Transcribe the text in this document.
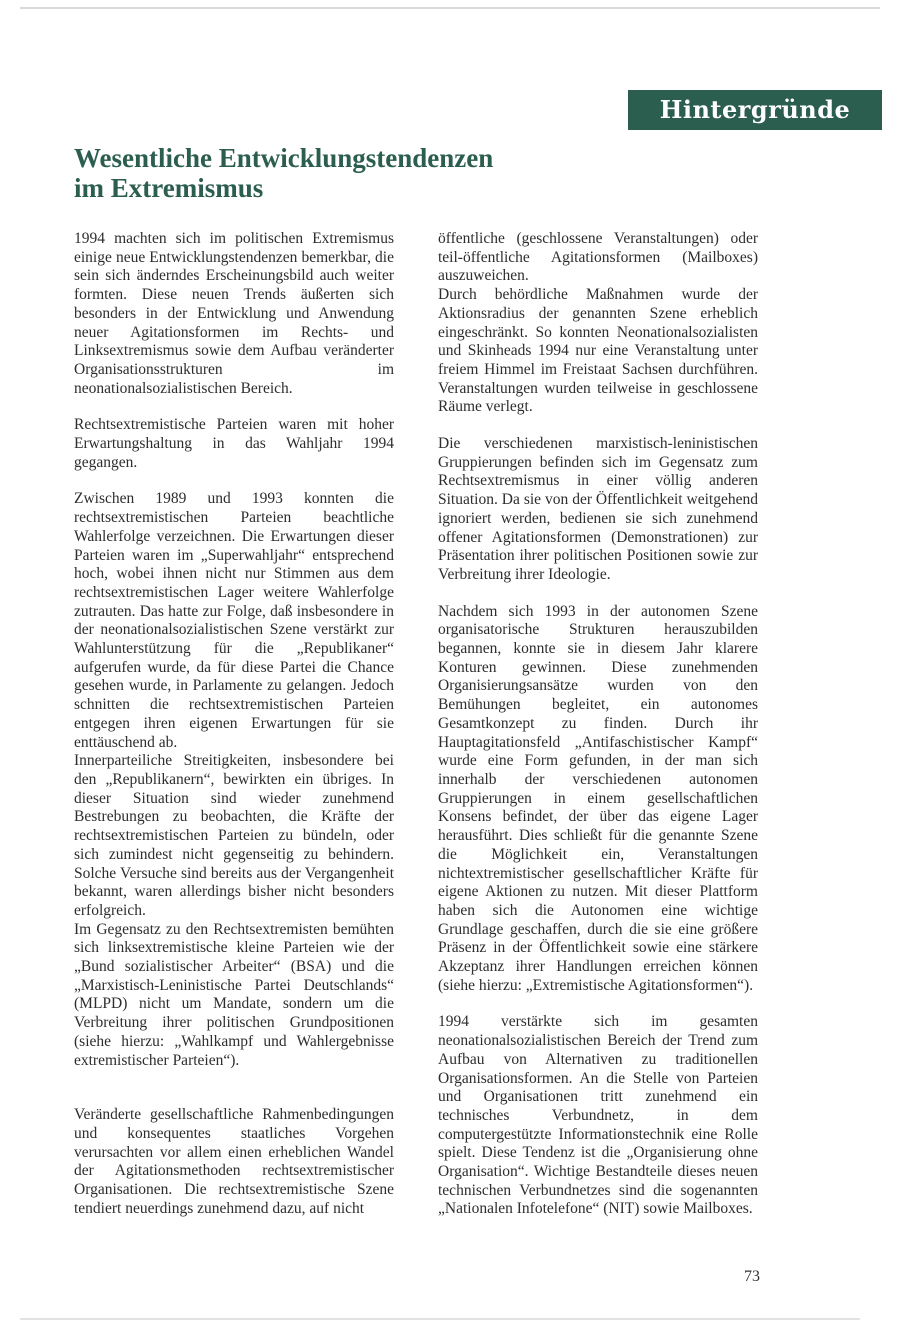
Hintergründe
Wesentliche Entwicklungstendenzen
im Extremismus

1994 machten sich im politischen Extremismus einige neue Entwicklungstendenzen bemerkbar, die sein sich änderndes Erscheinungsbild auch weiter formten. Diese neuen Trends äußerten sich besonders in der Entwicklung und Anwendung neuer Agitationsformen im Rechts- und Linksextremismus sowie dem Aufbau veränderter Organisationsstrukturen im neonationalsozialistischen Bereich.

Rechtsextremistische Parteien waren mit hoher Erwartungshaltung in das Wahljahr 1994 gegangen.

Zwischen 1989 und 1993 konnten die rechtsextremistischen Parteien beachtliche Wahlerfolge verzeichnen. Die Erwartungen dieser Parteien waren im „Superwahljahr“ entsprechend hoch, wobei ihnen nicht nur Stimmen aus dem rechtsextremistischen Lager weitere Wahlerfolge zutrauten. Das hatte zur Folge, daß insbesondere in der neonationalsozialistischen Szene verstärkt zur Wahlunterstützung für die „Republikaner“ aufgerufen wurde, da für diese Partei die Chance gesehen wurde, in Parlamente zu gelangen. Jedoch schnitten die rechtsextremistischen Parteien entgegen ihren eigenen Erwartungen für sie enttäuschend ab.

Innerparteiliche Streitigkeiten, insbesondere bei den „Republikanern“, bewirkten ein übriges. In dieser Situation sind wieder zunehmend Bestrebungen zu beobachten, die Kräfte der rechtsextremistischen Parteien zu bündeln, oder sich zumindest nicht gegenseitig zu behindern. Solche Versuche sind bereits aus der Vergangenheit bekannt, waren allerdings bisher nicht besonders erfolgreich.

Im Gegensatz zu den Rechtsextremisten bemühten sich linksextremistische kleine Parteien wie der „Bund sozialistischer Arbeiter“ (BSA) und die „Marxistisch-Leninistische Partei Deutschlands“ (MLPD) nicht um Mandate, sondern um die Verbreitung ihrer politischen Grundpositionen (siehe hierzu: „Wahlkampf und Wahlergebnisse extremistischer Parteien“).

Veränderte gesellschaftliche Rahmenbedingungen und konsequentes staatliches Vorgehen verursachten vor allem einen erheblichen Wandel der Agitationsmethoden rechtsextremistischer Organisationen. Die rechtsextremistische Szene tendiert neuerdings zunehmend dazu, auf nicht

öffentliche (geschlossene Veranstaltungen) oder teil-öffentliche Agitationsformen (Mailboxes) auszuweichen.

Durch behördliche Maßnahmen wurde der Aktionsradius der genannten Szene erheblich eingeschränkt. So konnten Neonationalsozialisten und Skinheads 1994 nur eine Veranstaltung unter freiem Himmel im Freistaat Sachsen durchführen. Veranstaltungen wurden teilweise in geschlossene Räume verlegt.

Die verschiedenen marxistisch-leninistischen Gruppierungen befinden sich im Gegensatz zum Rechtsextremismus in einer völlig anderen Situation. Da sie von der Öffentlichkeit weitgehend ignoriert werden, bedienen sie sich zunehmend offener Agitationsformen (Demonstrationen) zur Präsentation ihrer politischen Positionen sowie zur Verbreitung ihrer Ideologie.

Nachdem sich 1993 in der autonomen Szene organisatorische Strukturen herauszubilden begannen, konnte sie in diesem Jahr klarere Konturen gewinnen. Diese zunehmenden Organisierungsansätze wurden von den Bemühungen begleitet, ein autonomes Gesamtkonzept zu finden. Durch ihr Hauptagitationsfeld „Antifaschistischer Kampf“ wurde eine Form gefunden, in der man sich innerhalb der verschiedenen autonomen Gruppierungen in einem gesellschaftlichen Konsens befindet, der über das eigene Lager herausführt. Dies schließt für die genannte Szene die Möglichkeit ein, Veranstaltungen nichtextremistischer gesellschaftlicher Kräfte für eigene Aktionen zu nutzen. Mit dieser Plattform haben sich die Autonomen eine wichtige Grundlage geschaffen, durch die sie eine größere Präsenz in der Öffentlichkeit sowie eine stärkere Akzeptanz ihrer Handlungen erreichen können (siehe hierzu: „Extremistische Agitationsformen“).

1994 verstärkte sich im gesamten neonationalsozialistischen Bereich der Trend zum Aufbau von Alternativen zu traditionellen Organisationsformen. An die Stelle von Parteien und Organisationen tritt zunehmend ein technisches Verbundnetz, in dem computergestützte Informationstechnik eine Rolle spielt. Diese Tendenz ist die „Organisierung ohne Organisation“. Wichtige Bestandteile dieses neuen technischen Verbundnetzes sind die sogenannten „Nationalen Infotelefone“ (NIT) sowie Mailboxes.

73
